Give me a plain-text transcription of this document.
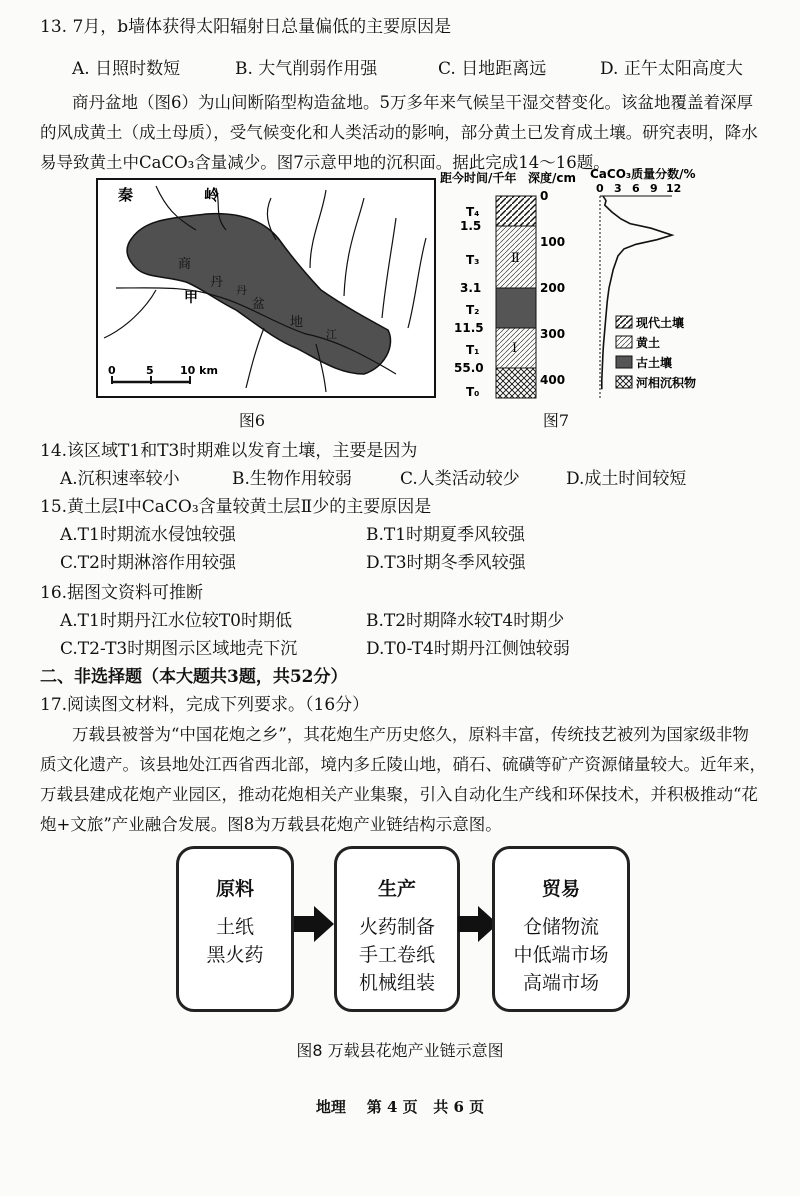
13. 7月，b墙体获得太阳辐射日总量偏低的主要原因是
A. 日照时数短	B. 大气削弱作用强	C. 日地距离远	D. 正午太阳高度大
商丹盆地（图6）为山间断陷型构造盆地。5万多年来气候呈干湿交替变化。该盆地覆盖着深厚
的风成黄土（成土母质），受气候变化和人类活动的影响，部分黄土已发育成土壤。研究表明，降水
易导致黄土中CaCO₃含量减少。图7示意甲地的沉积面。据此完成14～16题。
秦	岭
商
丹
盆
地
丹
江
甲
0	5 10 km
图6
距今时间/千年 深度/cm CaCO₃质量分数/%
Ⅱ
Ⅰ
0
100
200
300
400
T₄
1.5
T₃
3.1
T₂
11.5
T₁
55.0
T₀
0 3 6 9 12
现代土壤
黄土
古土壤
河相沉积物
图7
14.该区域T1和T3时期难以发育土壤，主要是因为
A.沉积速率较小	B.生物作用较弱	C.人类活动较少	D.成土时间较短
15.黄土层Ⅰ中CaCO₃含量较黄土层Ⅱ少的主要原因是
A.T1时期流水侵蚀较强	B.T1时期夏季风较强
C.T2时期淋溶作用较强	D.T3时期冬季风较强
16.据图文资料可推断
A.T1时期丹江水位较T0时期低	B.T2时期降水较T4时期少
C.T2-T3时期图示区域地壳下沉	D.T0-T4时期丹江侧蚀较弱
二、非选择题（本大题共3题，共52分）
17.阅读图文材料，完成下列要求。（16分）
万载县被誉为“中国花炮之乡”，其花炮生产历史悠久，原料丰富，传统技艺被列为国家级非物
质文化遗产。该县地处江西省西北部，境内多丘陵山地，硝石、硫磺等矿产资源储量较大。近年来，
万载县建成花炮产业园区，推动花炮相关产业集聚，引入自动化生产线和环保技术，并积极推动“花
炮+文旅”产业融合发展。图8为万载县花炮产业链结构示意图。
原料
土纸
黑火药
生产
火药制备
手工卷纸
机械组装
贸易
仓储物流
中低端市场
高端市场
图8 万载县花炮产业链示意图
地理 第 4 页 共 6 页
